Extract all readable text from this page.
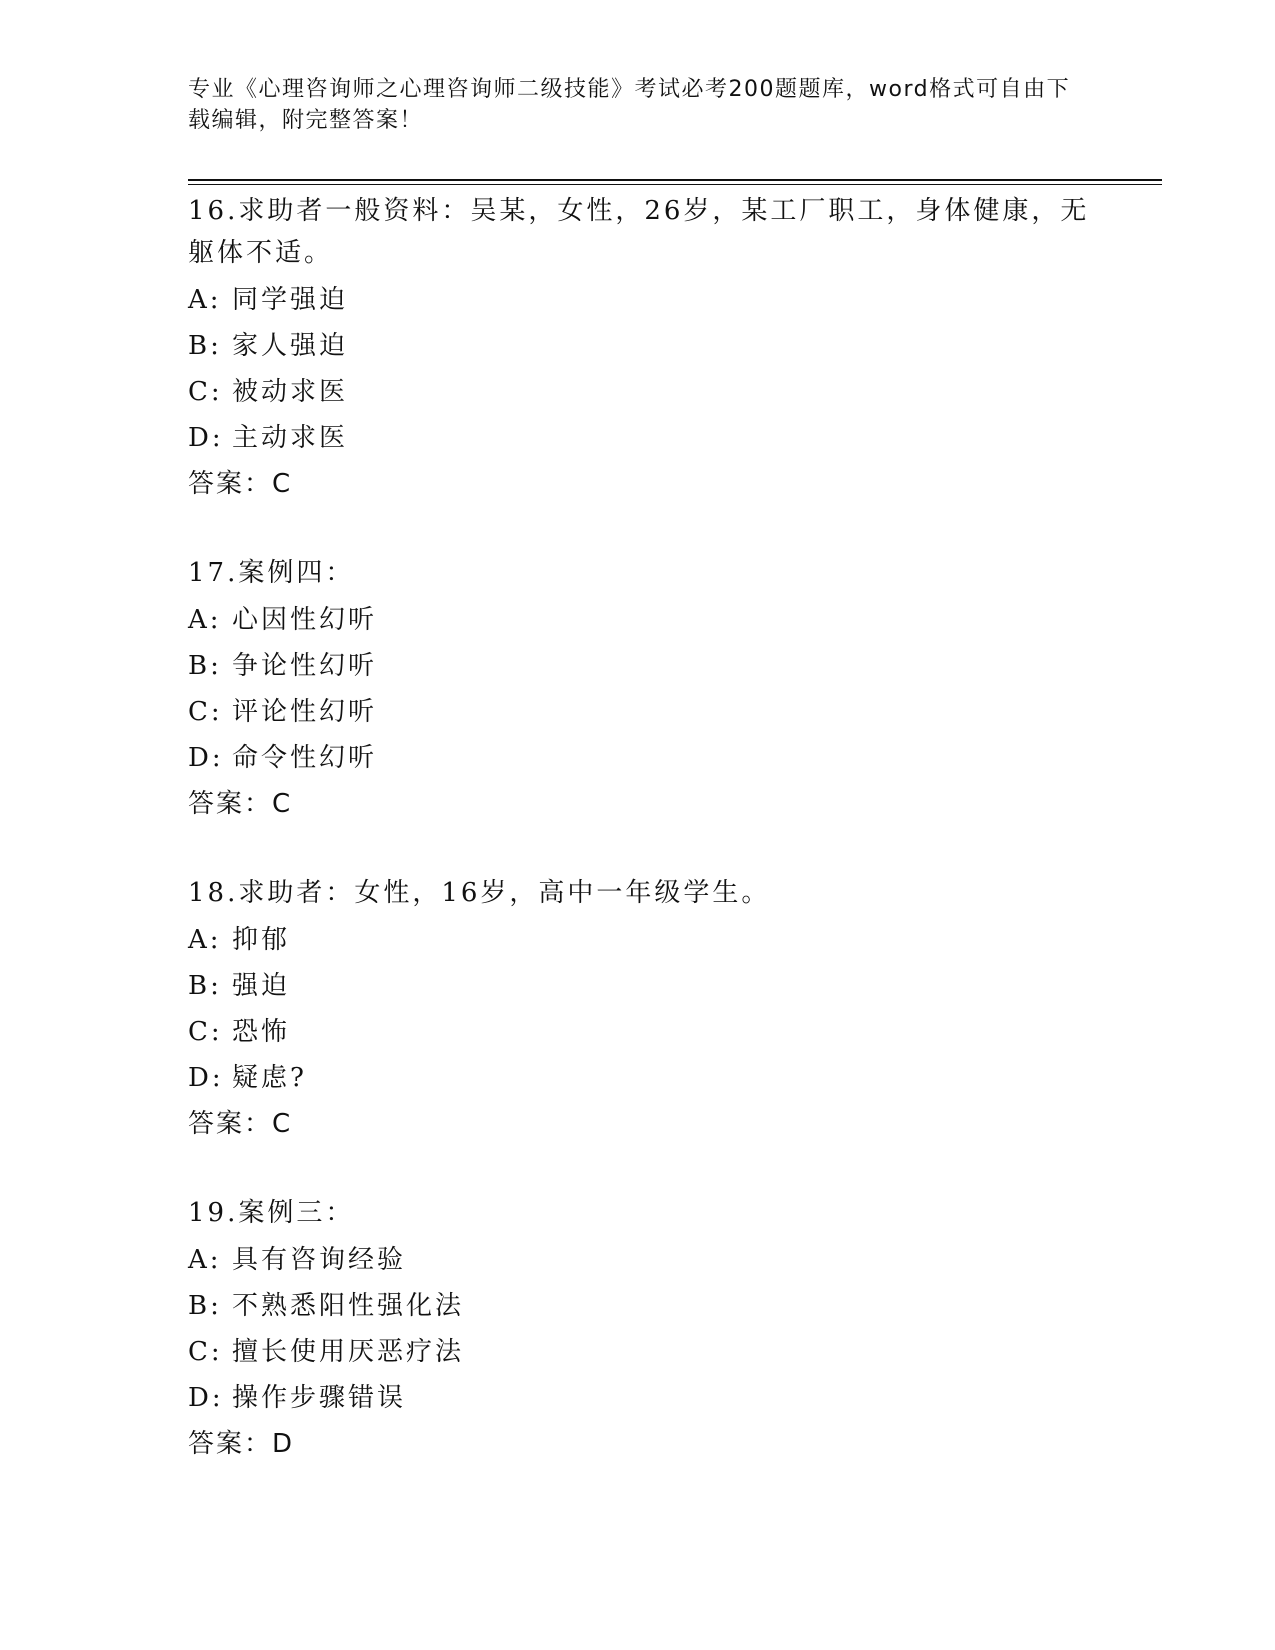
专业《心理咨询师之心理咨询师二级技能》考试必考200题题库，word格式可自由下载编辑，附完整答案！
16.求助者一般资料：吴某，女性，26岁，某工厂职工，身体健康，无躯体不适。
A: 同学强迫
B: 家人强迫
C: 被动求医
D: 主动求医
答案：C
17.案例四：
A: 心因性幻听
B: 争论性幻听
C: 评论性幻听
D: 命令性幻听
答案：C
18.求助者：女性，16岁，高中一年级学生。
A: 抑郁
B: 强迫
C: 恐怖
D: 疑虑?
答案：C
19.案例三：
A: 具有咨询经验
B: 不熟悉阳性强化法
C: 擅长使用厌恶疗法
D: 操作步骤错误
答案：D
